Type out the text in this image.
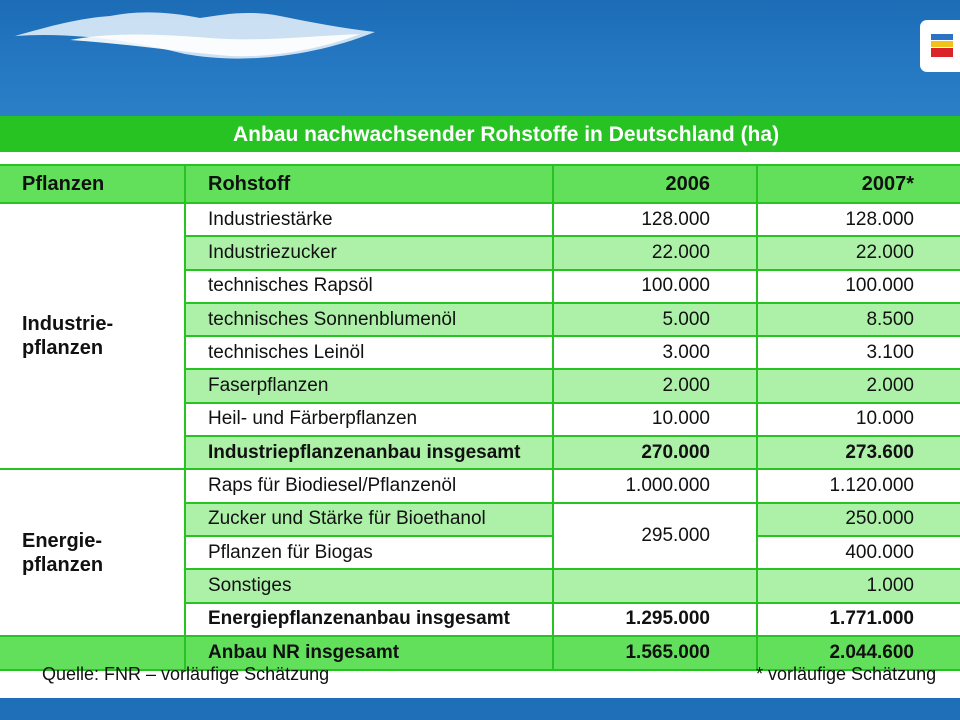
Anbau nachwachsender Rohstoffe in Deutschland (ha)
Pflanzen	Rohstoff	2006	2007*
Industrie-
pflanzen	Industriestärke	128.000	128.000
	Industriezucker	22.000	22.000
	technisches Rapsöl	100.000	100.000
	technisches Sonnenblumenöl	5.000	8.500
	technisches Leinöl	3.000	3.100
	Faserpflanzen	2.000	2.000
	Heil- und Färberpflanzen	10.000	10.000
	Industriepflanzenanbau insgesamt	270.000	273.600
Energie-
pflanzen	Raps für Biodiesel/Pflanzenöl	1.000.000	1.120.000
	Zucker und Stärke für Bioethanol	295.000	250.000
	Pflanzen für Biogas		400.000
	Sonstiges		1.000
	Energiepflanzenanbau insgesamt	1.295.000	1.771.000
	Anbau NR insgesamt	1.565.000	2.044.600
Quelle: FNR – vorläufige Schätzung	* vorläufige Schätzung
